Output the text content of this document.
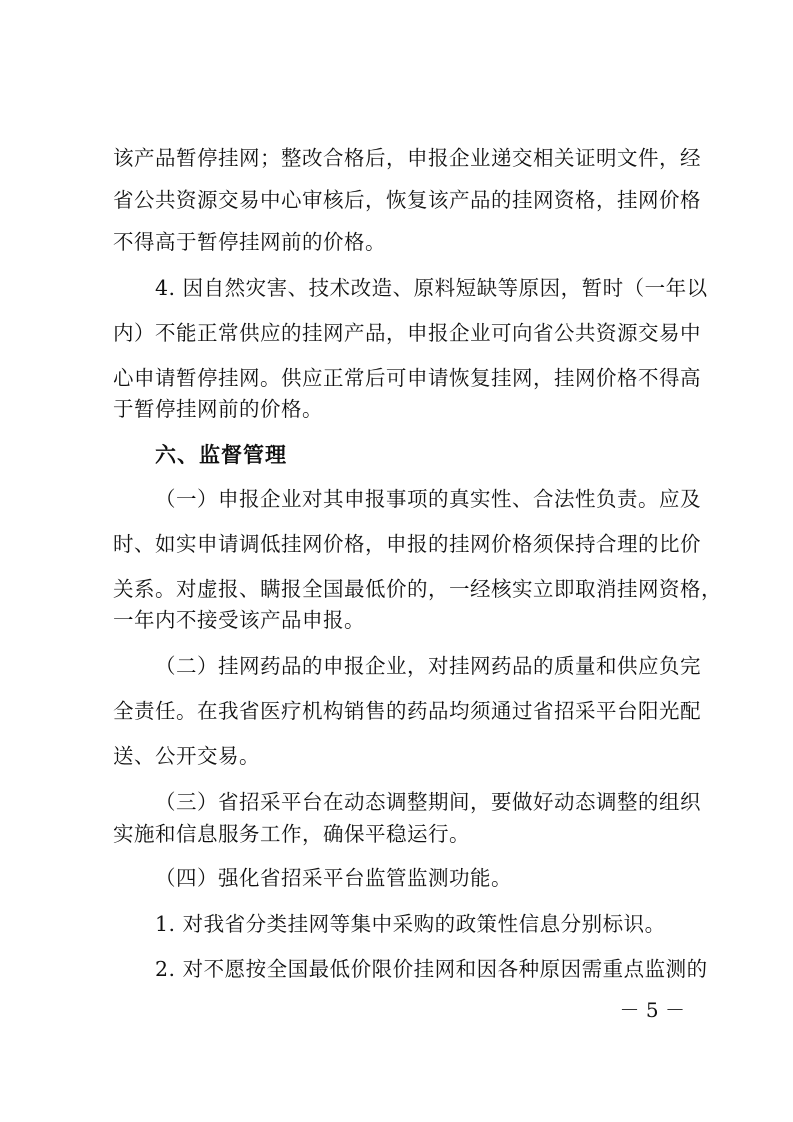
该产品暂停挂网；整改合格后，申报企业递交相关证明文件，经
省公共资源交易中心审核后，恢复该产品的挂网资格，挂网价格
不得高于暂停挂网前的价格。
4. 因自然灾害、技术改造、原料短缺等原因，暂时（一年以
内）不能正常供应的挂网产品，申报企业可向省公共资源交易中
心申请暂停挂网。供应正常后可申请恢复挂网，挂网价格不得高
于暂停挂网前的价格。
六、监督管理
（一）申报企业对其申报事项的真实性、合法性负责。应及
时、如实申请调低挂网价格，申报的挂网价格须保持合理的比价
关系。对虚报、瞒报全国最低价的，一经核实立即取消挂网资格，
一年内不接受该产品申报。
（二）挂网药品的申报企业，对挂网药品的质量和供应负完
全责任。在我省医疗机构销售的药品均须通过省招采平台阳光配
送、公开交易。
（三）省招采平台在动态调整期间，要做好动态调整的组织
实施和信息服务工作，确保平稳运行。
（四）强化省招采平台监管监测功能。
1. 对我省分类挂网等集中采购的政策性信息分别标识。
2. 对不愿按全国最低价限价挂网和因各种原因需重点监测的
－ 5 －
